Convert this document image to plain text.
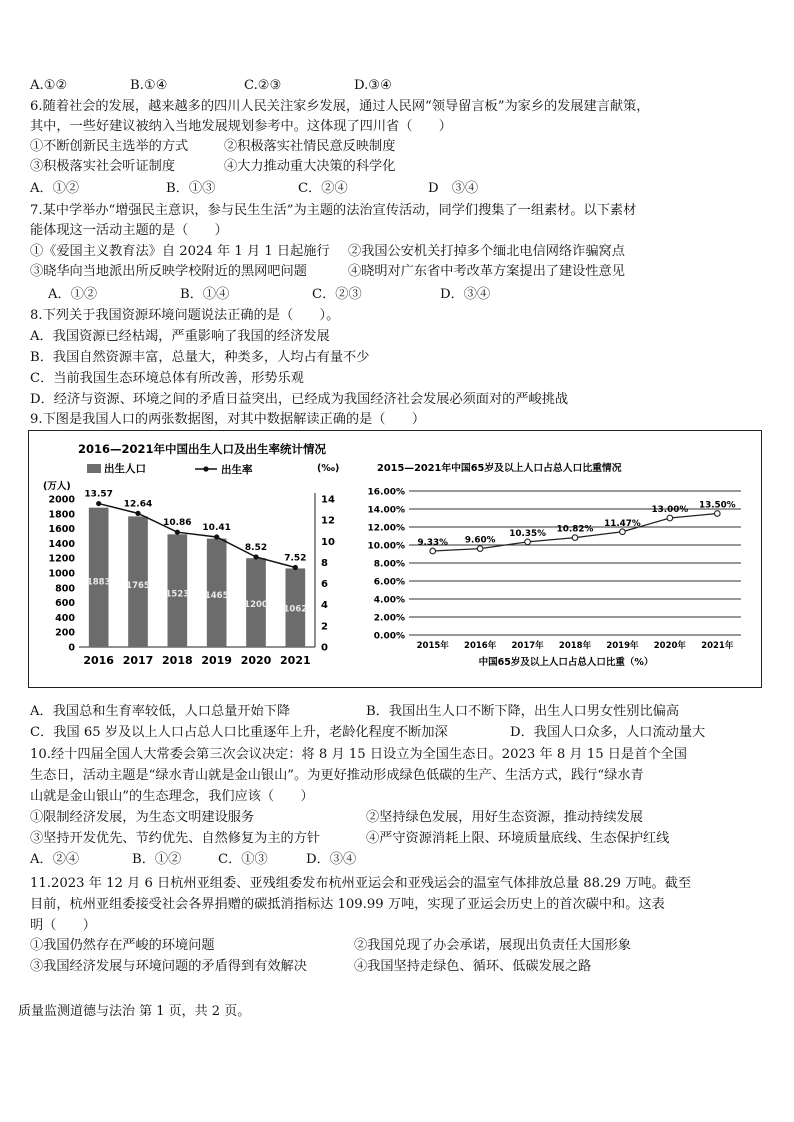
A.①②	B.①④	C.②③	D.③④
6.随着社会的发展，越来越多的四川人民关注家乡发展，通过人民网“领导留言板”为家乡的发展建言献策，
其中，一些好建议被纳入当地发展规划参考中。这体现了四川省（　　）
①不断创新民主选举的方式	②积极落实社情民意反映制度
③积极落实社会听证制度	④大力推动重大决策的科学化
A．①②	B．①③	C．②④	D　③④
7.某中学举办“增强民主意识，参与民生生活”为主题的法治宣传活动，同学们搜集了一组素材。以下素材
能体现这一活动主题的是（　　）
①《爱国主义教育法》自 2024 年 1 月 1 日起施行 ②我国公安机关打掉多个缅北电信网络诈骗窝点
③晓华向当地派出所反映学校附近的黑网吧问题	④晓明对广东省中考改革方案提出了建设性意见
A．①②	B．①④	C．②③	D．③④
8.下列关于我国资源环境问题说法正确的是（　　）。
A．我国资源已经枯竭，严重影响了我国的经济发展
B．我国自然资源丰富，总量大，种类多，人均占有量不少
C．当前我国生态环境总体有所改善，形势乐观
D．经济与资源、环境之间的矛盾日益突出，已经成为我国经济社会发展必须面对的严峻挑战
9.下图是我国人口的两张数据图，对其中数据解读正确的是（　　）
2016—2021年中国出生人口及出生率统计情况
(万人)
(‰)
出生人口	出生率
0
200
400
600
800
1000
1200
1400
1600
1800
2000
0
2
4
6
8
10
12
14
1883
2016
1765
2017
1523
2018
1465
2019
1200
2020
1062
2021
13.57
12.64
10.86 10.41
8.52
7.52
2015—2021年中国65岁及以上人口占总人口比重情况
0.00%
2.00%
4.00%
6.00%
8.00%
10.00%
12.00%
14.00%
16.00%
2015年 2016年 2017年 2018年 2019年 2020年 2021年
9.33% 9.60%
10.35% 10.82%
11.47%
13.00% 13.50%
中国65岁及以上人口占总人口比重（%）
A．我国总和生育率较低，人口总量开始下降	B．我国出生人口不断下降，出生人口男女性别比偏高
C．我国 65 岁及以上人口占总人口比重逐年上升，老龄化程度不断加深	D．我国人口众多，人口流动量大
10.经十四届全国人大常委会第三次会议决定：将 8 月 15 日设立为全国生态日。2023 年 8 月 15 日是首个全国
生态日，活动主题是“绿水青山就是金山银山”。为更好推动形成绿色低碳的生产、生活方式，践行“绿水青
山就是金山银山”的生态理念，我们应该（　　）
①限制经济发展，为生态文明建设服务	②坚持绿色发展，用好生态资源，推动持续发展
③坚持开发优先、节约优先、自然修复为主的方针	④严守资源消耗上限、环境质量底线、生态保护红线
A．②④	B．①②	C．①③	D．③④
11.2023 年 12 月 6 日杭州亚组委、亚残组委发布杭州亚运会和亚残运会的温室气体排放总量 88.29 万吨。截至
目前，杭州亚组委接受社会各界捐赠的碳抵消指标达 109.99 万吨，实现了亚运会历史上的首次碳中和。这表
明（　　）
①我国仍然存在严峻的环境问题	②我国兑现了办会承诺，展现出负责任大国形象
③我国经济发展与环境问题的矛盾得到有效解决	④我国坚持走绿色、循环、低碳发展之路
质量监测道德与法治 第 1 页，共 2 页。
